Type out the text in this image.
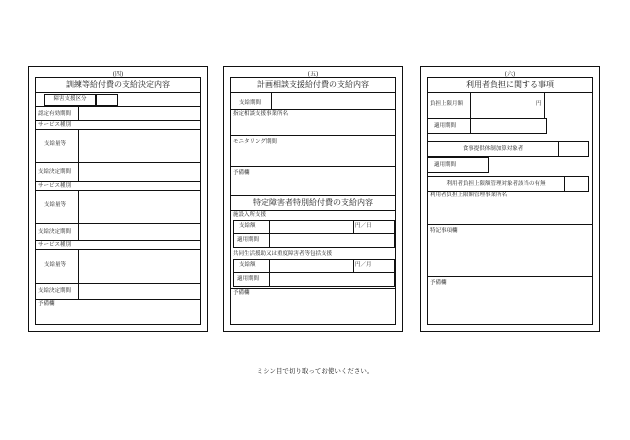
(四)
訓練等給付費の支給決定内容
障害支援区分
認定有効期間
サービス種別
支給量等
支給決定期間
サービス種別
支給量等
支給決定期間
サービス種別
支給量等
支給決定期間
予備欄
(五)
計画相談支援給付費の支給内容
支給期間
指定相談支援事業所名
モニタリング期間
予備欄
特定障害者特別給付費の支給内容
施設入所支援
支給額	円／日
適用期間
共同生活援助又は重度障害者等包括支援
支給額	円／月
適用期間
予備欄
(六)
利用者負担に関する事項
負担上限月額	円
適用期間
食事提供体制加算対象者
適用期間
利用者負担上限額管理対象者該当の有無
利用者負担上限額管理事業所名
特記事項欄
予備欄
ミシン目で切り取ってお使いください。
